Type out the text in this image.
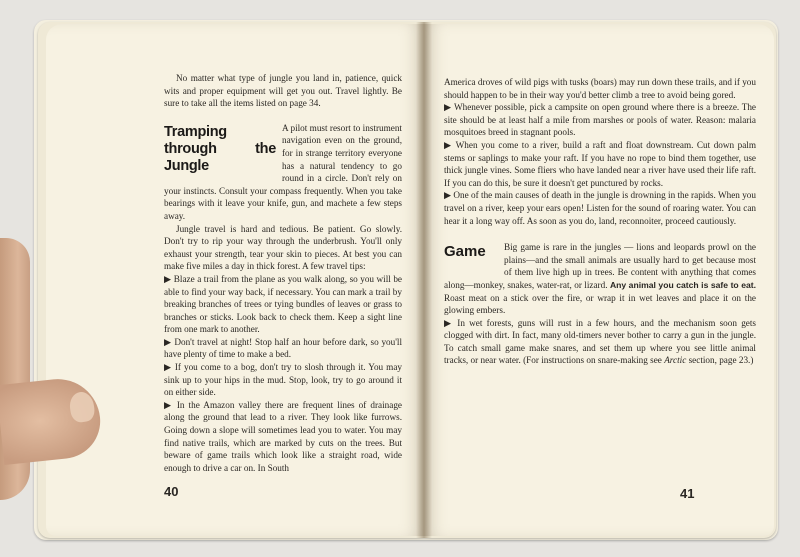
No matter what type of jungle you land in, patience, quick wits and proper equipment will get you out. Travel lightly. Be sure to take all the items listed on page 34.

Tramping through the Jungle

A pilot must resort to instrument navigation even on the ground, for in strange territory everyone has a natural tendency to go round in a circle. Don't rely on your instincts. Consult your compass frequently. When you take bearings with it leave your knife, gun, and machete a few steps away.

Jungle travel is hard and tedious. Be patient. Go slowly. Don't try to rip your way through the underbrush. You'll only exhaust your strength, tear your skin to pieces. At best you can make five miles a day in thick forest. A few travel tips:

▶ Blaze a trail from the plane as you walk along, so you will be able to find your way back, if necessary. You can mark a trail by breaking branches of trees or tying bundles of leaves or grass to branches or sticks. Look back to check them. Keep a sight line from one mark to another.

▶ Don't travel at night! Stop half an hour before dark, so you'll have plenty of time to make a bed.

▶ If you come to a bog, don't try to slosh through it. You may sink up to your hips in the mud. Stop, look, try to go around it on either side.

▶ In the Amazon valley there are frequent lines of drainage along the ground that lead to a river. They look like furrows. Going down a slope will sometimes lead you to water. You may find native trails, which are marked by cuts on the trees. But beware of game trails which look like a straight road, wide enough to drive a car on. In South

40

America droves of wild pigs with tusks (boars) may run down these trails, and if you should happen to be in their way you'd better climb a tree to avoid being gored.

▶ Whenever possible, pick a campsite on open ground where there is a breeze. The site should be at least half a mile from marshes or pools of water. Reason: malaria mosquitoes breed in stagnant pools.

▶ When you come to a river, build a raft and float downstream. Cut down palm stems or saplings to make your raft. If you have no rope to bind them together, use thick jungle vines. Some fliers who have landed near a river have used their life raft. If you can do this, be sure it doesn't get punctured by rocks.

▶ One of the main causes of death in the jungle is drowning in the rapids. When you travel on a river, keep your ears open! Listen for the sound of roaring water. You can hear it a long way off. As soon as you do, land, reconnoiter, proceed cautiously.

Game	Big game is rare in the jungles — lions and leopards prowl on the plains—and the small animals are usually hard to get because most of them live high up in trees. Be content with anything that comes along—monkey, snakes, water-rat, or lizard. Any animal you catch is safe to eat. Roast meat on a stick over the fire, or wrap it in wet leaves and place it on the glowing embers.

▶ In wet forests, guns will rust in a few hours, and the mechanism soon gets clogged with dirt. In fact, many old-timers never bother to carry a gun in the jungle. To catch small game make snares, and set them up where you see little animal tracks, or near water. (For instructions on snare-making see Arctic section, page 23.)

41
